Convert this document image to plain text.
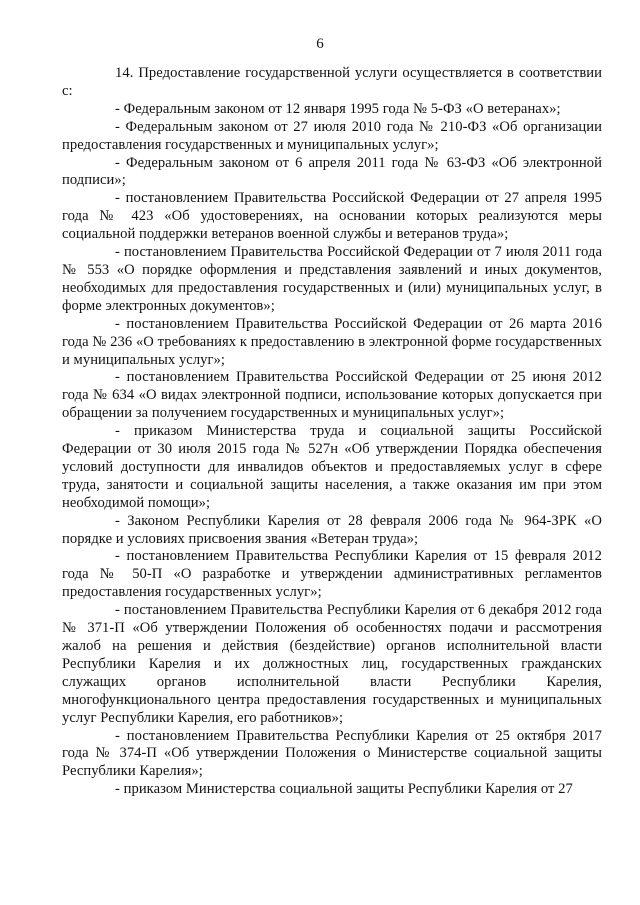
6

14. Предоставление государственной услуги осуществляется в соответствии с:

- Федеральным законом от 12 января 1995 года № 5-ФЗ «О ветеранах»;

- Федеральным законом от 27 июля 2010 года № 210-ФЗ «Об организации предоставления государственных и муниципальных услуг»;

- Федеральным законом от 6 апреля 2011 года № 63-ФЗ «Об электронной подписи»;

- постановлением Правительства Российской Федерации от 27 апреля 1995 года № 423 «Об удостоверениях, на основании которых реализуются меры социальной поддержки ветеранов военной службы и ветеранов труда»;

- постановлением Правительства Российской Федерации от 7 июля 2011 года № 553 «О порядке оформления и представления заявлений и иных документов, необходимых для предоставления государственных и (или) муниципальных услуг, в форме электронных документов»;

- постановлением Правительства Российской Федерации от 26 марта 2016 года № 236 «О требованиях к предоставлению в электронной форме государственных и муниципальных услуг»;

- постановлением Правительства Российской Федерации от 25 июня 2012 года № 634 «О видах электронной подписи, использование которых допускается при обращении за получением государственных и муниципальных услуг»;

- приказом Министерства труда и социальной защиты Российской Федерации от 30 июля 2015 года № 527н «Об утверждении Порядка обеспечения условий доступности для инвалидов объектов и предоставляемых услуг в сфере труда, занятости и социальной защиты населения, а также оказания им при этом необходимой помощи»;

- Законом Республики Карелия от 28 февраля 2006 года № 964-ЗРК «О порядке и условиях присвоения звания «Ветеран труда»;

- постановлением Правительства Республики Карелия от 15 февраля 2012 года № 50-П «О разработке и утверждении административных регламентов предоставления государственных услуг»;

- постановлением Правительства Республики Карелия от 6 декабря 2012 года № 371-П «Об утверждении Положения об особенностях подачи и рассмотрения жалоб на решения и действия (бездействие) органов исполнительной власти Республики Карелия и их должностных лиц, государственных гражданских служащих органов исполнительной власти Республики Карелия, многофункционального центра предоставления государственных и муниципальных услуг Республики Карелия, его работников»;

- постановлением Правительства Республики Карелия от 25 октября 2017 года № 374-П «Об утверждении Положения о Министерстве социальной защиты Республики Карелия»;

- приказом Министерства социальной защиты Республики Карелия от 27
